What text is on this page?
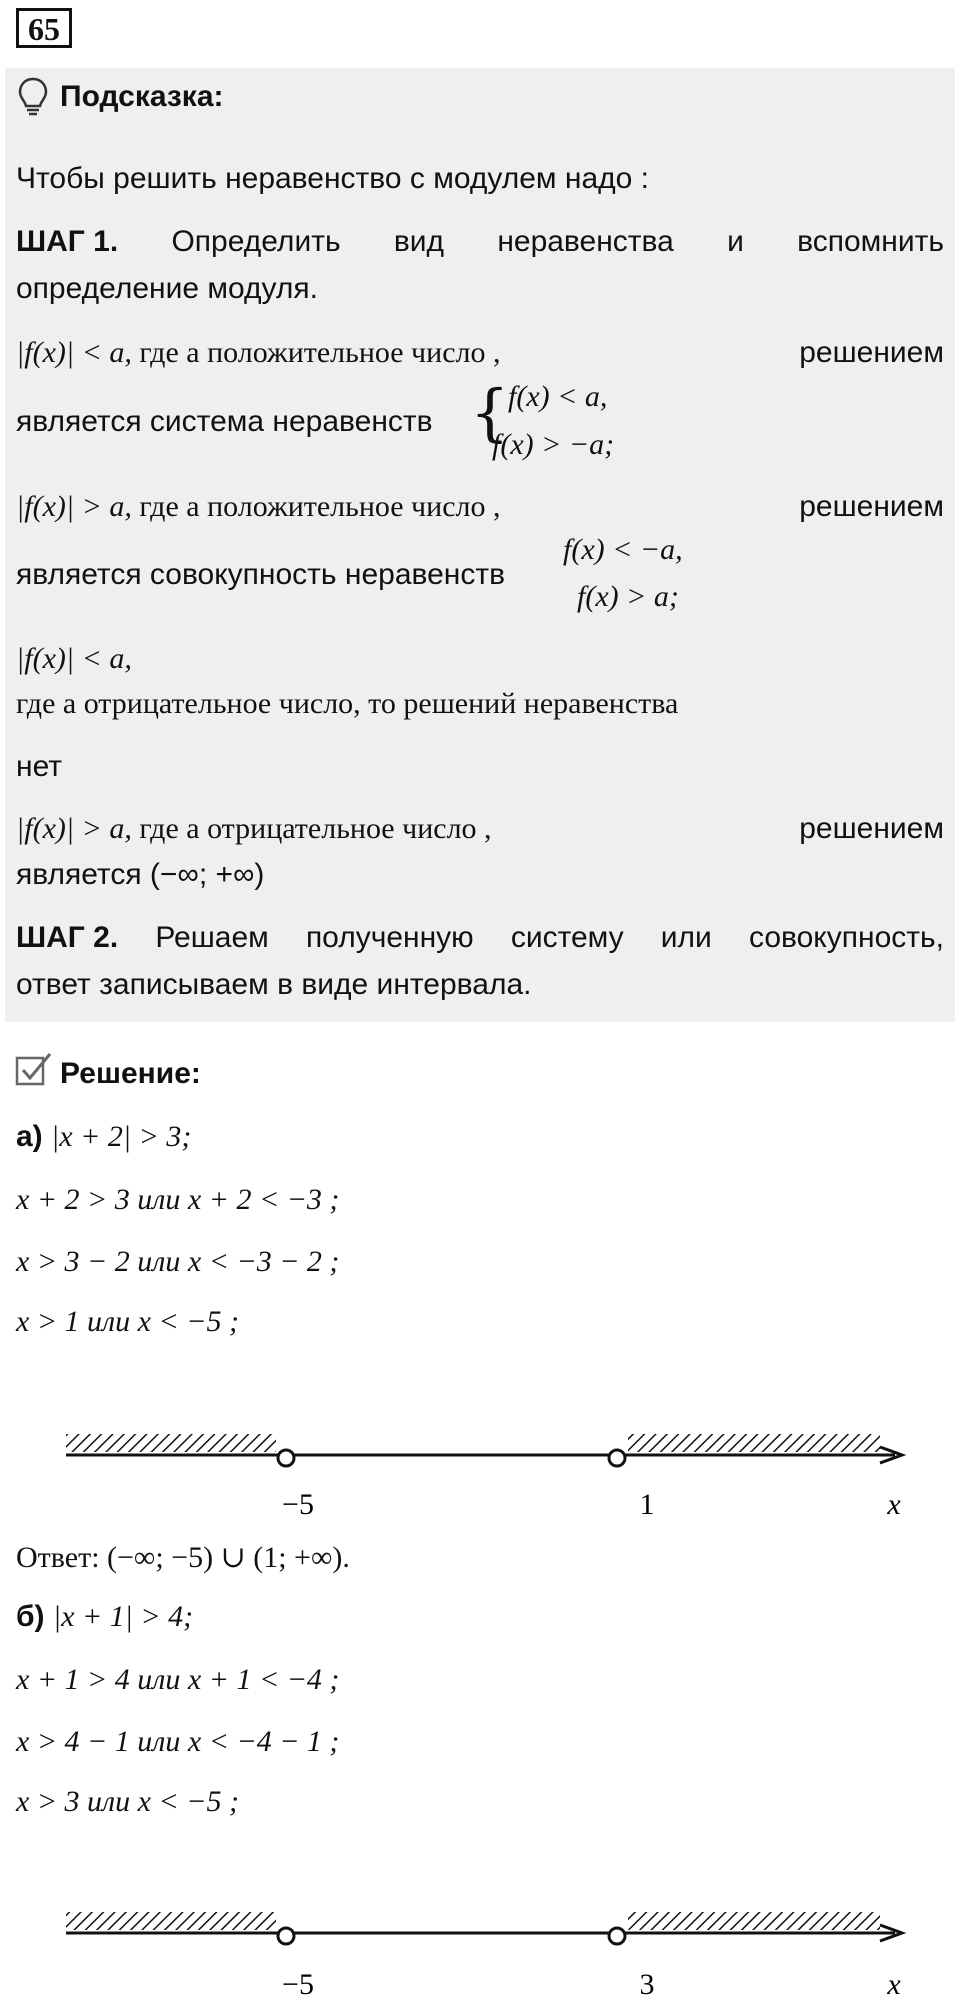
65
Подсказка:
Чтобы решить неравенство с модулем надо :
ШАГ 1. Определить вид неравенства и вспомнить
определение модуля.
|f(x)| < a, где a положительное число ,	решением
является система неравенств {
f(x) < a,
f(x) > −a;
|f(x)| > a, где a положительное число ,	решением
является совокупность неравенств
f(x) < −a,
f(x) > a;
|f(x)| < a,
где a отрицательное число, то решений неравенства
нет
|f(x)| > a, где a отрицательное число ,	решением
является (−∞; +∞)
ШАГ 2. Решаем полученную систему или совокупность,
ответ записываем в виде интервала.
Решение:
а) |x + 2| > 3;
x + 2 > 3 или x + 2 < −3 ;
x > 3 − 2 или x < −3 − 2 ;
x > 1 или x < −5 ;
−5	1	x
Ответ: (−∞; −5) ∪ (1; +∞).
б) |x + 1| > 4;
x + 1 > 4 или x + 1 < −4 ;
x > 4 − 1 или x < −4 − 1 ;
x > 3 или x < −5 ;
−5	3	x
